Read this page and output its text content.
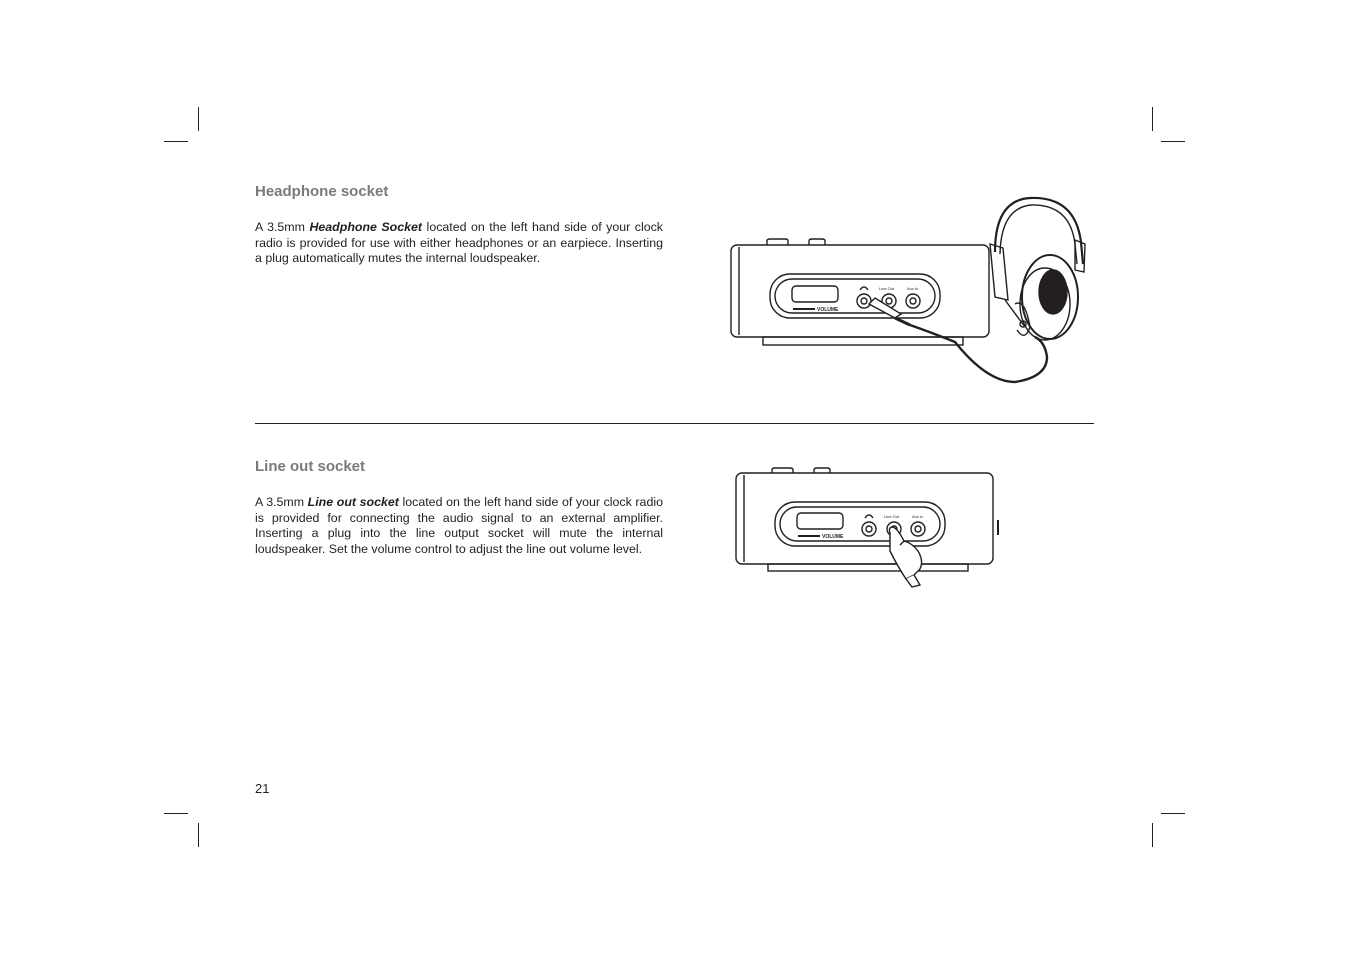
Headphone socket

A 3.5mm Headphone Socket located on the left hand side of your clock radio is provided for use with either headphones or an earpiece. Inserting a plug automatically mutes the internal loudspeaker.

VOLUME
Line Out	Aux In
Line out socket

A 3.5mm Line out socket located on the left hand side of your clock radio is provided for connecting the audio signal to an external amplifier. Inserting a plug into the line output socket will mute the internal loudspeaker. Set the volume control to adjust the line out volume level.

VOLUME
Line Out	Aux In
21
